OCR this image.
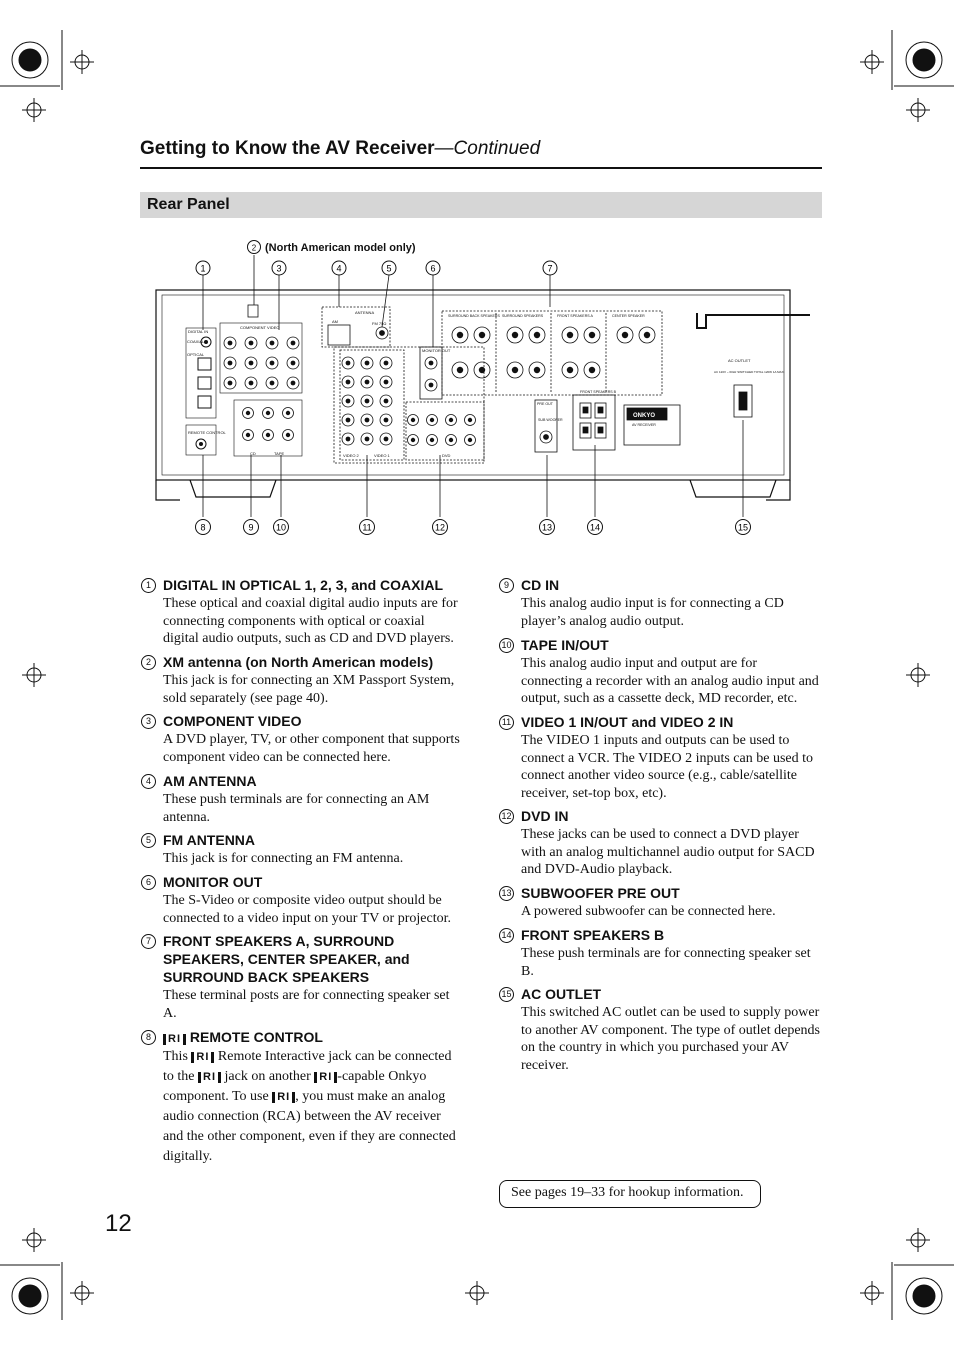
Getting to Know the AV Receiver—Continued
Rear Panel
(North American model only)
2
1	3	4	5	6	7
8	9 10	11	12	13	14	15
DIGITAL IN
COAXIAL
OPTICAL
REMOTE CONTROL
COMPONENT VIDEO
CD	TAPE
ANTENNA
AM	FM 75Ω
MONITOR OUT
VIDEO 2	VIDEO 1	DVD
SURROUND BACK SPEAKERS SURROUND SPEAKERS	FRONT SPEAKERS A	CENTER SPEAKER
PRE OUT
SUB WOOFER
FRONT SPEAKERS B
ONKYO
AV RECEIVER
AC OUTLET
AC 120V ~ 60Hz SWITCHED TOTAL 120W 1A MAX.
1 DIGITAL IN OPTICAL 1, 2, 3, and COAXIAL
These optical and coaxial digital audio inputs are for connecting components with optical or coaxial digital audio outputs, such as CD and DVD players.
2 XM antenna (on North American models)
This jack is for connecting an XM Passport System, sold separately (see page 40).
3 COMPONENT VIDEO
A DVD player, TV, or other component that supports component video can be connected here.
4 AM ANTENNA
These push terminals are for connecting an AM antenna.
5 FM ANTENNA
This jack is for connecting an FM antenna.
6 MONITOR OUT
The S-Video or composite video output should be connected to a video input on your TV or projector.
7 FRONT SPEAKERS A, SURROUND SPEAKERS, CENTER SPEAKER, and SURROUND BACK SPEAKERS
These terminal posts are for connecting speaker set A.
8	RI REMOTE CONTROL
This RI Remote Interactive jack can be connected to the RI jack on another RI -capable Onkyo component. To use RI , you must make an analog audio connection (RCA) between the AV receiver and the other component, even if they are connected digitally.
9 CD IN
This analog audio input is for connecting a CD player’s analog audio output.
10 TAPE IN/OUT
This analog audio input and output are for connecting a recorder with an analog audio input and output, such as a cassette deck, MD recorder, etc.
11 VIDEO 1 IN/OUT and VIDEO 2 IN
The VIDEO 1 inputs and outputs can be used to connect a VCR. The VIDEO 2 inputs can be used to connect another video source (e.g., cable/satellite receiver, set-top box, etc).
12 DVD IN
These jacks can be used to connect a DVD player with an analog multichannel audio output for SACD and DVD-Audio playback.
13 SUBWOOFER PRE OUT
A powered subwoofer can be connected here.
14 FRONT SPEAKERS B
These push terminals are for connecting speaker set B.
15 AC OUTLET
This switched AC outlet can be used to supply power to another AV component. The type of outlet depends on the country in which you purchased your AV receiver.
See pages 19–33 for hookup information.
12
